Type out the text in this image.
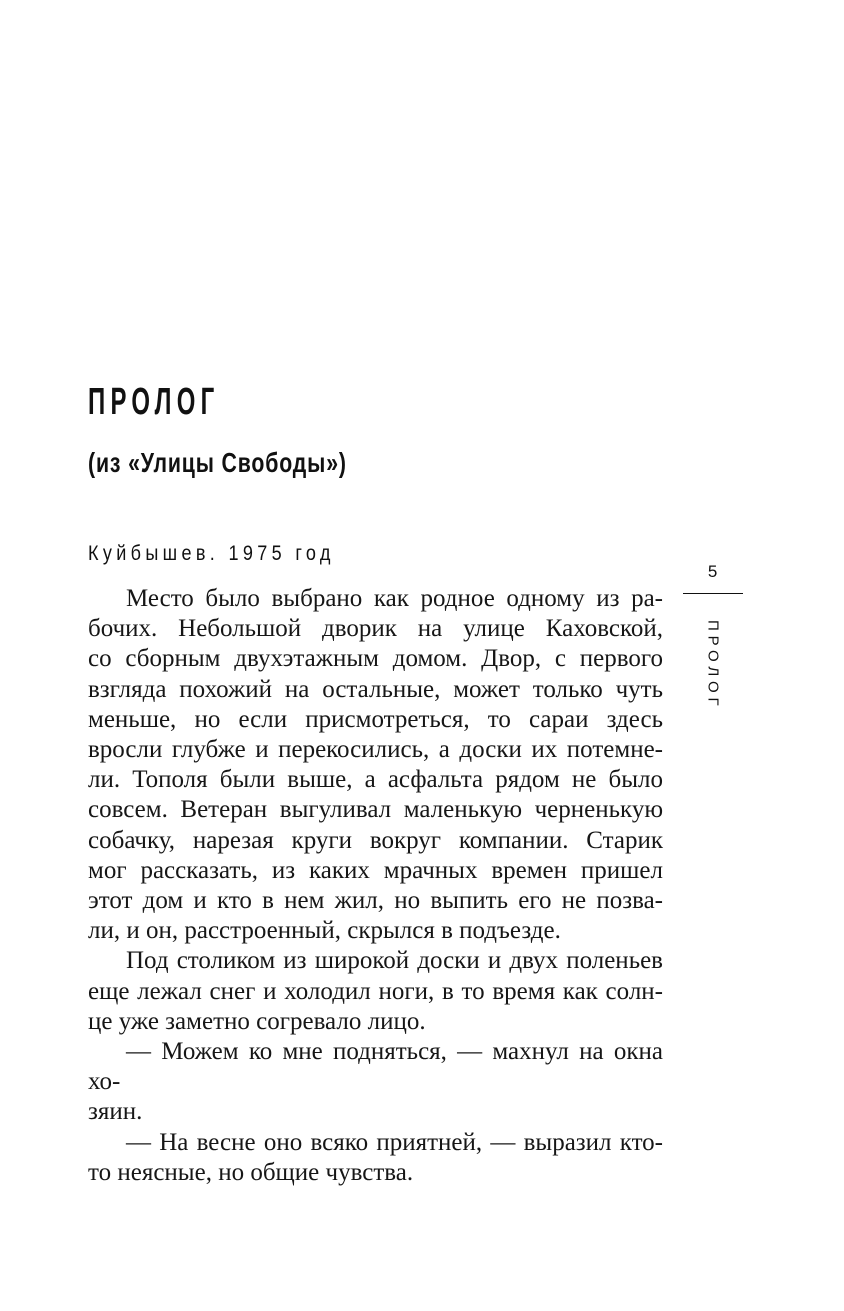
ПРОЛОГ
(из «Улицы Свободы»)
Куйбышев. 1975 год

Место было выбрано как родное одному из ра-
бочих. Небольшой дворик на улице Каховской,
со сборным двухэтажным домом. Двор, с первого
взгляда похожий на остальные, может только чуть
меньше, но если присмотреться, то сараи здесь
вросли глубже и перекосились, а доски их потемне-
ли. Тополя были выше, а асфальта рядом не было
совсем. Ветеран выгуливал маленькую черненькую
собачку, нарезая круги вокруг компании. Старик
мог рассказать, из каких мрачных времен пришел
этот дом и кто в нем жил, но выпить его не позва-
ли, и он, расстроенный, скрылся в подъезде.

Под столиком из широкой доски и двух поленьев
еще лежал снег и холодил ноги, в то время как солн-
це уже заметно согревало лицо.

— Можем ко мне подняться, — махнул на окна хо-
зяин.

— На весне оно всяко приятней, — выразил кто-
то неясные, но общие чувства.

5
ПРОЛОГ
